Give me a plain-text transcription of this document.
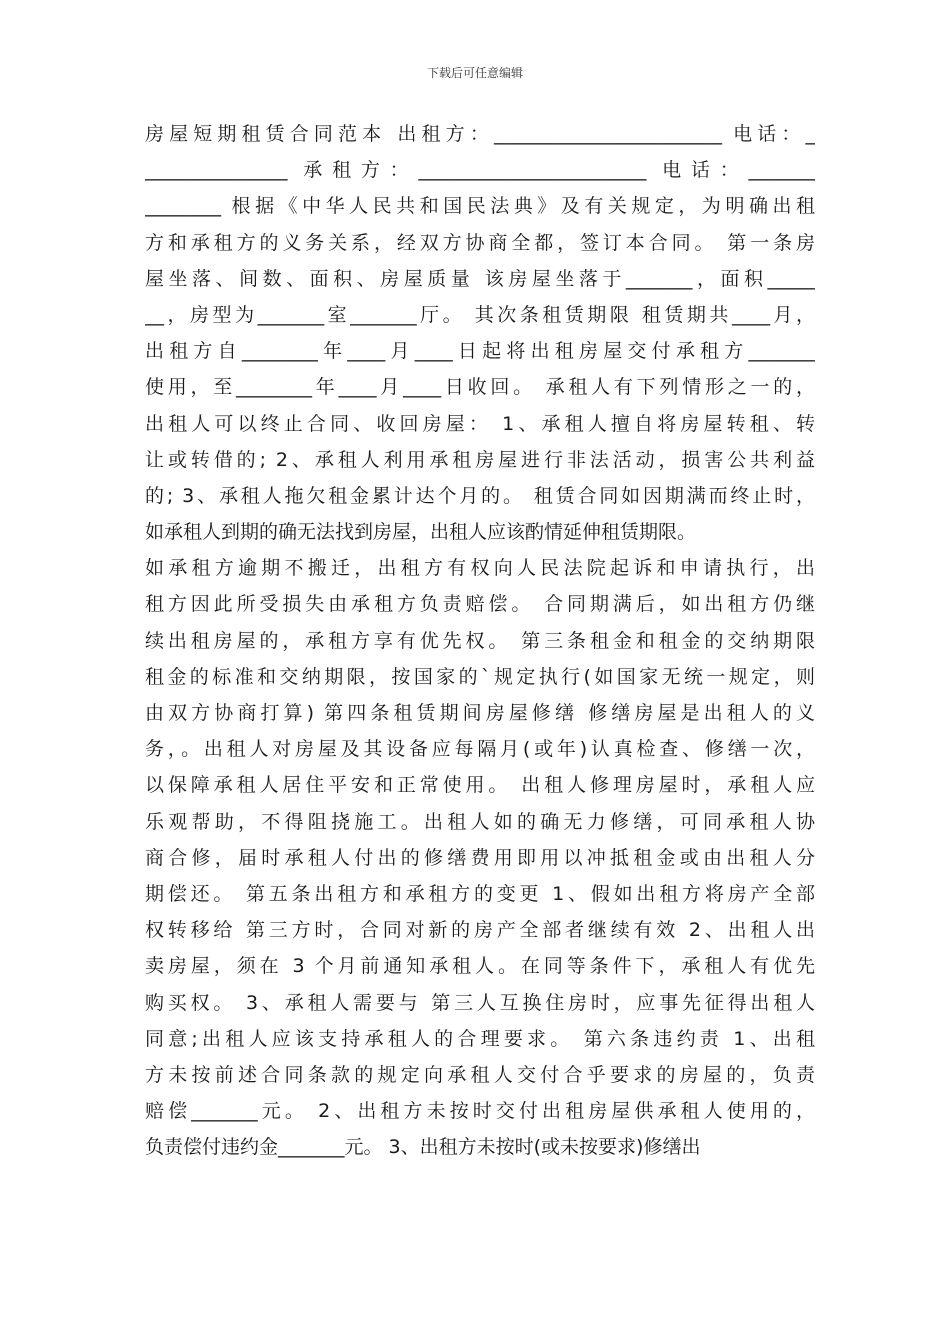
下载后可任意编辑
房屋短期租赁合同范本 出租方：________________________ 电话：_
_______________ 承租方：________________________ 电话：_______
________ 根据《中华人民共和国民法典》及有关规定，为明确出租
方和承租方的义务关系，经双方协商全都，签订本合同。 第一条房
屋坐落、间数、面积、房屋质量 该房屋坐落于_______，面积_____
__，房型为_______室_______厅。 其次条租赁期限 租赁期共____月，
出租方自________年____月____日起将出租房屋交付承租方_______
使用，至________年____月____日收回。 承租人有下列情形之一的，
出租人可以终止合同、收回房屋： 1、承租人擅自将房屋转租、转
让或转借的; 2、承租人利用承租房屋进行非法活动，损害公共利益
的; 3、承租人拖欠租金累计达个月的。 租赁合同如因期满而终止时，
如承租人到期的确无法找到房屋，出租人应该酌情延伸租赁期限。
如承租方逾期不搬迁，出租方有权向人民法院起诉和申请执行，出
租方因此所受损失由承租方负责赔偿。 合同期满后，如出租方仍继
续出租房屋的，承租方享有优先权。 第三条租金和租金的交纳期限
租金的标准和交纳期限，按国家的`规定执行(如国家无统一规定，则
由双方协商打算) 第四条租赁期间房屋修缮 修缮房屋是出租人的义
务，。出租人对房屋及其设备应每隔月(或年)认真检查、修缮一次，
以保障承租人居住平安和正常使用。 出租人修理房屋时，承租人应
乐观帮助，不得阻挠施工。出租人如的确无力修缮，可同承租人协
商合修，届时承租人付出的修缮费用即用以冲抵租金或由出租人分
期偿还。 第五条出租方和承租方的变更 1、假如出租方将房产全部
权转移给 第三方时，合同对新的房产全部者继续有效 2、出租人出
卖房屋，须在 3 个月前通知承租人。在同等条件下，承租人有优先
购买权。 3、承租人需要与 第三人互换住房时，应事先征得出租人
同意;出租人应该支持承租人的合理要求。 第六条违约责 1、出租
方未按前述合同条款的规定向承租人交付合乎要求的房屋的，负责
赔偿_______元。 2、出租方未按时交付出租房屋供承租人使用的，
负责偿付违约金_______元。 3、出租方未按时(或未按要求)修缮出
